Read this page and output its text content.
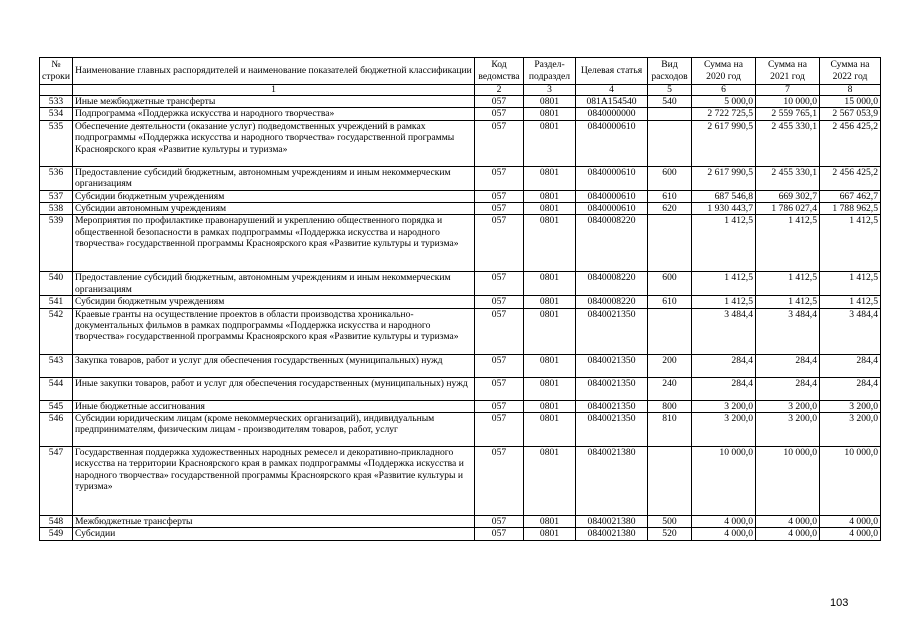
№ строки	Наименование главных распорядителей и наименование показателей бюджетной классификации	Код ведомства	Раздел-подраздел	Целевая статья	Вид расходов	Сумма на 2020 год	Сумма на 2021 год	Сумма на 2022 год
	1	2	3	4	5	6	7	8
533	Иные межбюджетные трансферты	057	0801	081A154540	540	5 000,0	10 000,0	15 000,0
534	Подпрограмма «Поддержка искусства и народного творчества»	057	0801	0840000000		2 722 725,5	2 559 765,1	2 567 053,9
535	Обеспечение деятельности (оказание услуг) подведомственных учреждений в рамках подпрограммы «Поддержка искусства и народного творчества» государственной программы Красноярского края «Развитие культуры и туризма»	057	0801	0840000610		2 617 990,5	2 455 330,1	2 456 425,2
536	Предоставление субсидий бюджетным, автономным учреждениям и иным некоммерческим организациям	057	0801	0840000610	600	2 617 990,5	2 455 330,1	2 456 425,2
537	Субсидии бюджетным учреждениям	057	0801	0840000610	610	687 546,8	669 302,7	667 462,7
538	Субсидии автономным учреждениям	057	0801	0840000610	620	1 930 443,7	1 786 027,4	1 788 962,5
539	Мероприятия по профилактике правонарушений и укреплению общественного порядка и общественной безопасности в рамках подпрограммы «Поддержка искусства и народного творчества» государственной программы Красноярского края «Развитие культуры и туризма»	057	0801	0840008220		1 412,5	1 412,5	1 412,5
540	Предоставление субсидий бюджетным, автономным учреждениям и иным некоммерческим организациям	057	0801	0840008220	600	1 412,5	1 412,5	1 412,5
541	Субсидии бюджетным учреждениям	057	0801	0840008220	610	1 412,5	1 412,5	1 412,5
542	Краевые гранты на осуществление проектов в области производства хроникально-документальных фильмов в рамках подпрограммы «Поддержка искусства и народного творчества» государственной программы Красноярского края «Развитие культуры и туризма»	057	0801	0840021350		3 484,4	3 484,4	3 484,4
543	Закупка товаров, работ и услуг для обеспечения государственных (муниципальных) нужд	057	0801	0840021350	200	284,4	284,4	284,4
544	Иные закупки товаров, работ и услуг для обеспечения государственных (муниципальных) нужд	057	0801	0840021350	240	284,4	284,4	284,4
545	Иные бюджетные ассигнования	057	0801	0840021350	800	3 200,0	3 200,0	3 200,0
546	Субсидии юридическим лицам (кроме некоммерческих организаций), индивидуальным предпринимателям, физическим лицам - производителям товаров, работ, услуг	057	0801	0840021350	810	3 200,0	3 200,0	3 200,0
547	Государственная поддержка художественных народных ремесел и декоративно-прикладного искусства на территории Красноярского края в рамках подпрограммы «Поддержка искусства и народного творчества» государственной программы Красноярского края «Развитие культуры и туризма»	057	0801	0840021380		10 000,0	10 000,0	10 000,0
548	Межбюджетные трансферты	057	0801	0840021380	500	4 000,0	4 000,0	4 000,0
549	Субсидии	057	0801	0840021380	520	4 000,0	4 000,0	4 000,0
103
